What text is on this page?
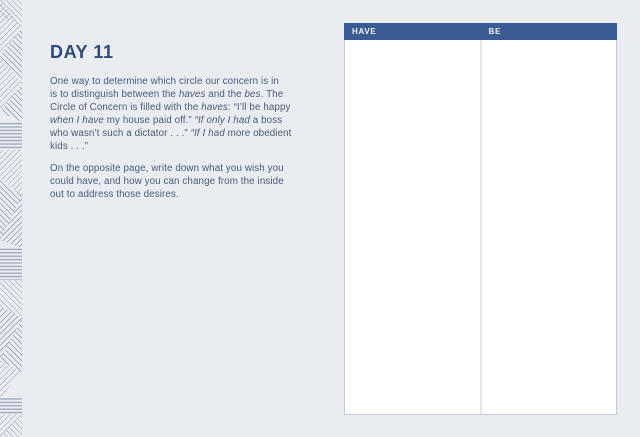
DAY 11
One way to determine which circle our concern is in
is to distinguish between the haves and the bes. The
Circle of Concern is filled with the haves: “I’ll be happy
when I have my house paid off.” “If only I had a boss
who wasn’t such a dictator . . .” “If I had more obedient
kids . . .”
On the opposite page, write down what you wish you
could have, and how you can change from the inside
out to address those desires.
HAVE	BE
